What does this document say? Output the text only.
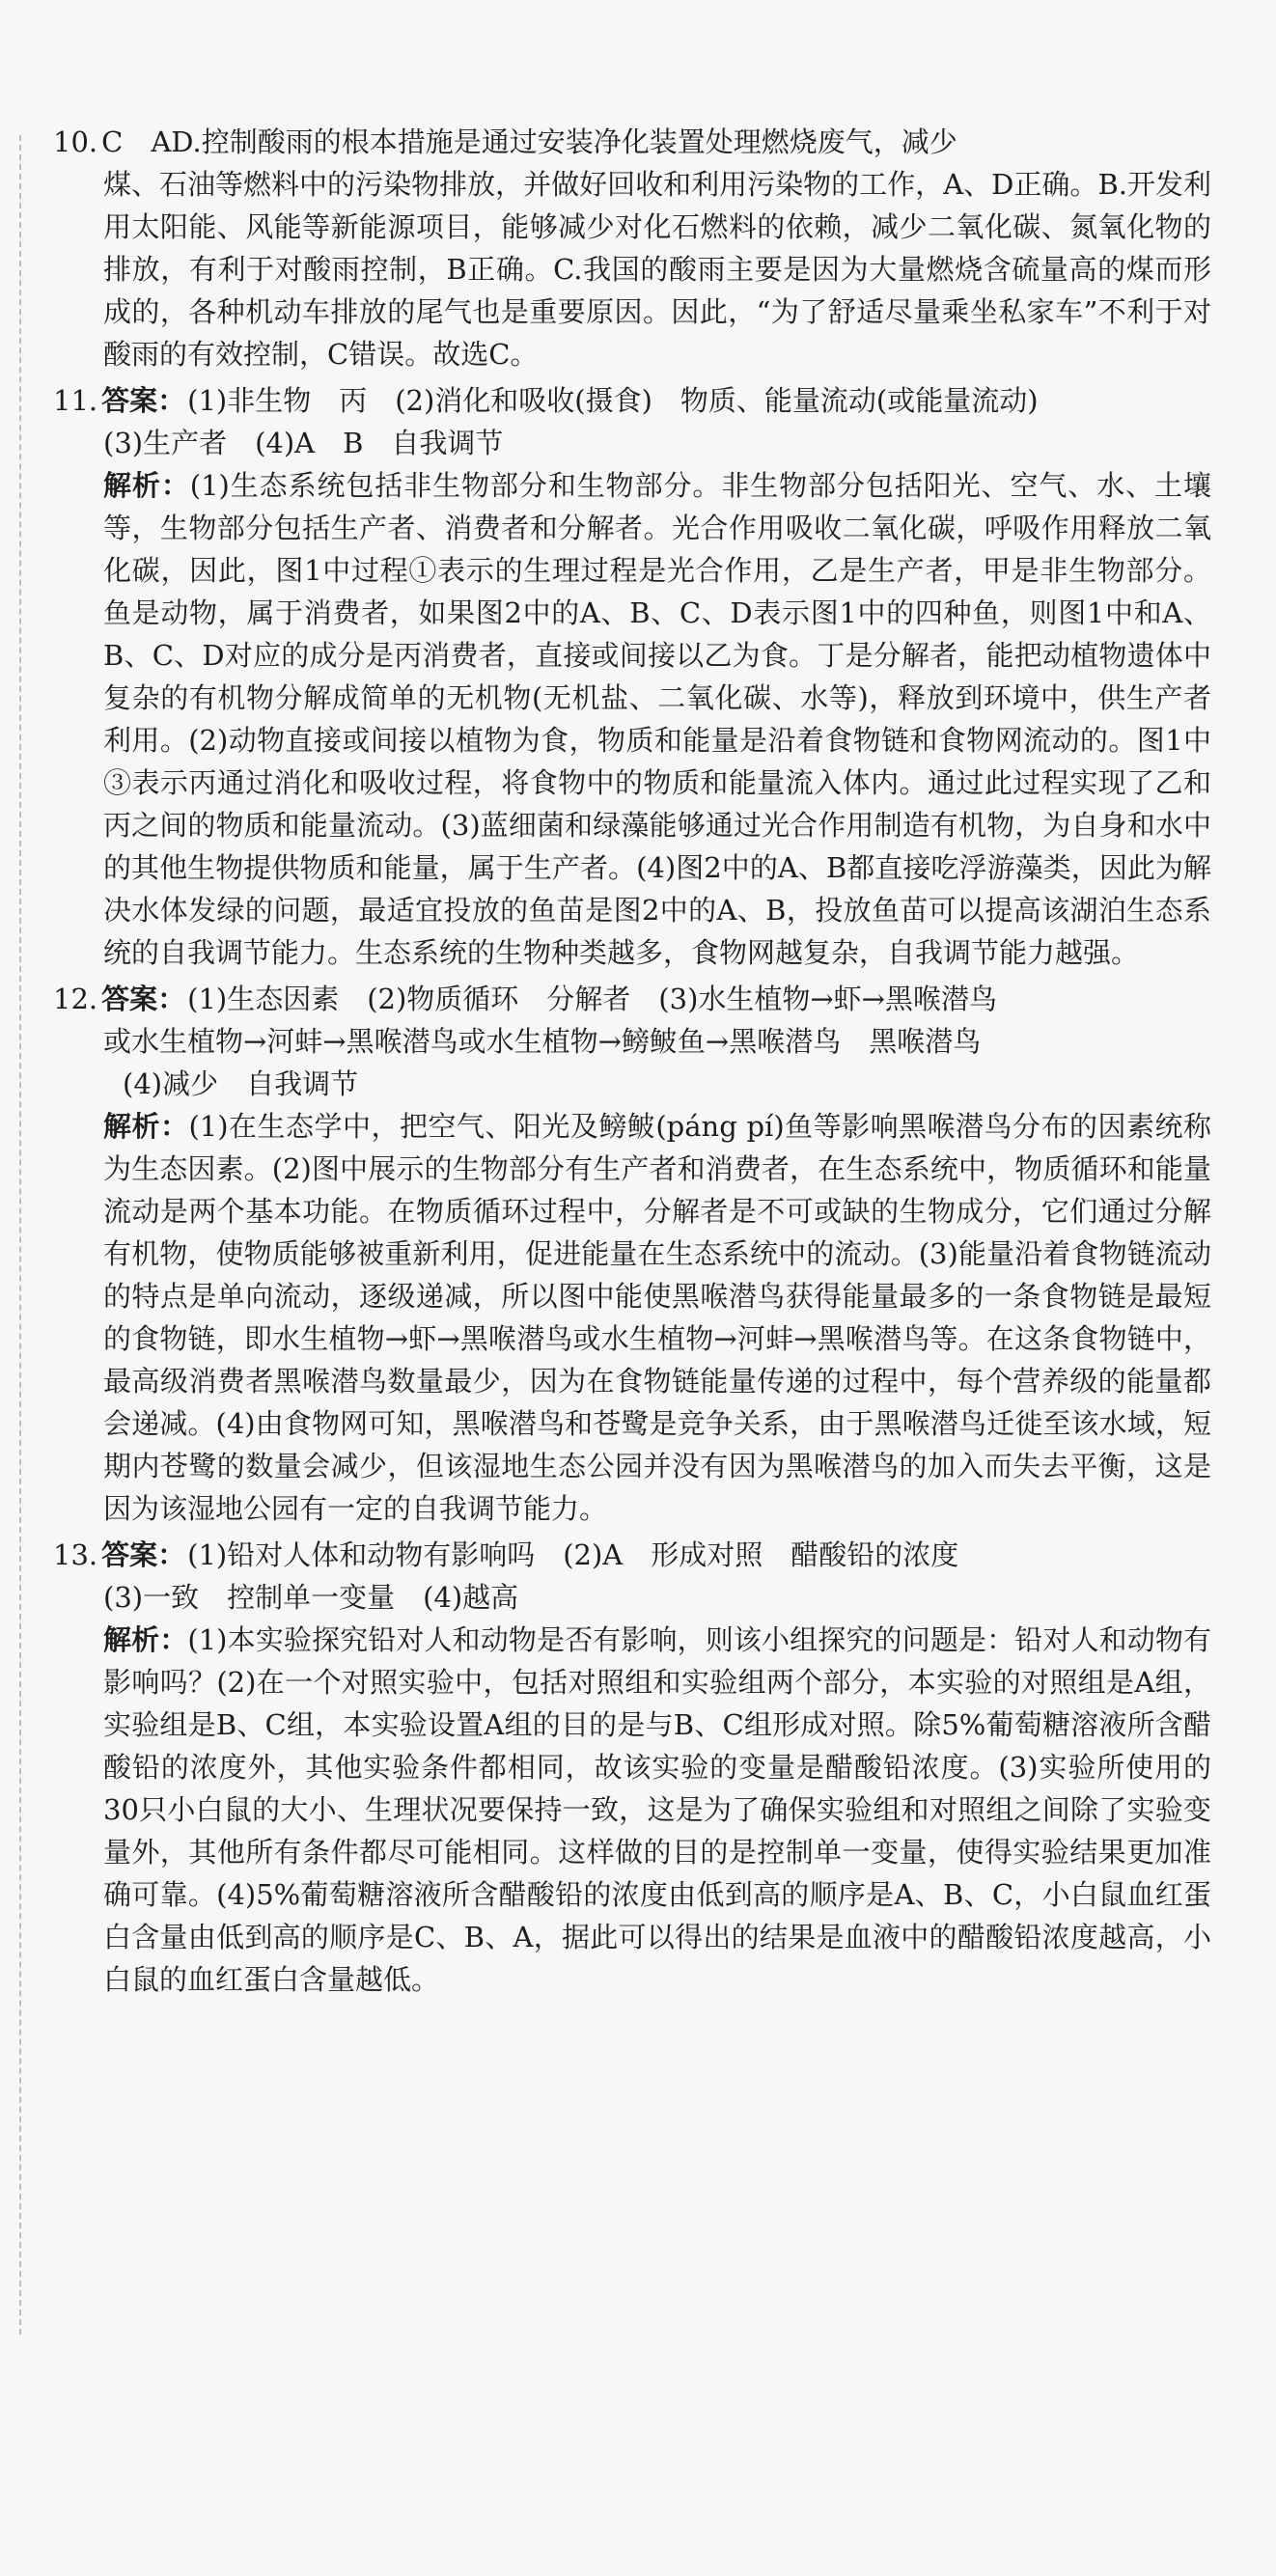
10. C　AD.控制酸雨的根本措施是通过安装净化装置处理燃烧废气，减少
煤、石油等燃料中的污染物排放，并做好回收和利用污染物的工作，A、D正确。B.开发利用太阳能、风能等新能源项目，能够减少对化石燃料的依赖，减少二氧化碳、氮氧化物的排放，有利于对酸雨控制，B正确。C.我国的酸雨主要是因为大量燃烧含硫量高的煤而形成的，各种机动车排放的尾气也是重要原因。因此，“为了舒适尽量乘坐私家车”不利于对酸雨的有效控制，C错误。故选C。
11. 答案：(1)非生物　丙　(2)消化和吸收(摄食)　物质、能量流动(或能量流动)
(3)生产者　(4)A　B　自我调节
解析：(1)生态系统包括非生物部分和生物部分。非生物部分包括阳光、空气、水、土壤等，生物部分包括生产者、消费者和分解者。光合作用吸收二氧化碳，呼吸作用释放二氧化碳，因此，图1中过程①表示的生理过程是光合作用，乙是生产者，甲是非生物部分。鱼是动物，属于消费者，如果图2中的A、B、C、D表示图1中的四种鱼，则图1中和A、B、C、D对应的成分是丙消费者，直接或间接以乙为食。丁是分解者，能把动植物遗体中复杂的有机物分解成简单的无机物(无机盐、二氧化碳、水等)，释放到环境中，供生产者利用。(2)动物直接或间接以植物为食，物质和能量是沿着食物链和食物网流动的。图1中③表示丙通过消化和吸收过程，将食物中的物质和能量流入体内。通过此过程实现了乙和丙之间的物质和能量流动。(3)蓝细菌和绿藻能够通过光合作用制造有机物，为自身和水中的其他生物提供物质和能量，属于生产者。(4)图2中的A、B都直接吃浮游藻类，因此为解决水体发绿的问题，最适宜投放的鱼苗是图2中的A、B，投放鱼苗可以提高该湖泊生态系统的自我调节能力。生态系统的生物种类越多，食物网越复杂，自我调节能力越强。
12. 答案：(1)生态因素　(2)物质循环　分解者　(3)水生植物→虾→黑喉潜鸟
或水生植物→河蚌→黑喉潜鸟或水生植物→鳑鲏鱼→黑喉潜鸟　黑喉潜鸟
(4)减少　自我调节
解析：(1)在生态学中，把空气、阳光及鳑鲏(páng pí)鱼等影响黑喉潜鸟分布的因素统称为生态因素。(2)图中展示的生物部分有生产者和消费者，在生态系统中，物质循环和能量流动是两个基本功能。在物质循环过程中，分解者是不可或缺的生物成分，它们通过分解有机物，使物质能够被重新利用，促进能量在生态系统中的流动。(3)能量沿着食物链流动的特点是单向流动，逐级递减，所以图中能使黑喉潜鸟获得能量最多的一条食物链是最短的食物链，即水生植物→虾→黑喉潜鸟或水生植物→河蚌→黑喉潜鸟等。在这条食物链中，最高级消费者黑喉潜鸟数量最少，因为在食物链能量传递的过程中，每个营养级的能量都会递减。(4)由食物网可知，黑喉潜鸟和苍鹭是竞争关系，由于黑喉潜鸟迁徙至该水域，短期内苍鹭的数量会减少，但该湿地生态公园并没有因为黑喉潜鸟的加入而失去平衡，这是因为该湿地公园有一定的自我调节能力。
13. 答案：(1)铅对人体和动物有影响吗　(2)A　形成对照　醋酸铅的浓度
(3)一致　控制单一变量　(4)越高
解析：(1)本实验探究铅对人和动物是否有影响，则该小组探究的问题是：铅对人和动物有影响吗？(2)在一个对照实验中，包括对照组和实验组两个部分，本实验的对照组是A组，实验组是B、C组，本实验设置A组的目的是与B、C组形成对照。除5%葡萄糖溶液所含醋酸铅的浓度外，其他实验条件都相同，故该实验的变量是醋酸铅浓度。(3)实验所使用的30只小白鼠的大小、生理状况要保持一致，这是为了确保实验组和对照组之间除了实验变量外，其他所有条件都尽可能相同。这样做的目的是控制单一变量，使得实验结果更加准确可靠。(4)5%葡萄糖溶液所含醋酸铅的浓度由低到高的顺序是A、B、C，小白鼠血红蛋白含量由低到高的顺序是C、B、A，据此可以得出的结果是血液中的醋酸铅浓度越高，小白鼠的血红蛋白含量越低。
